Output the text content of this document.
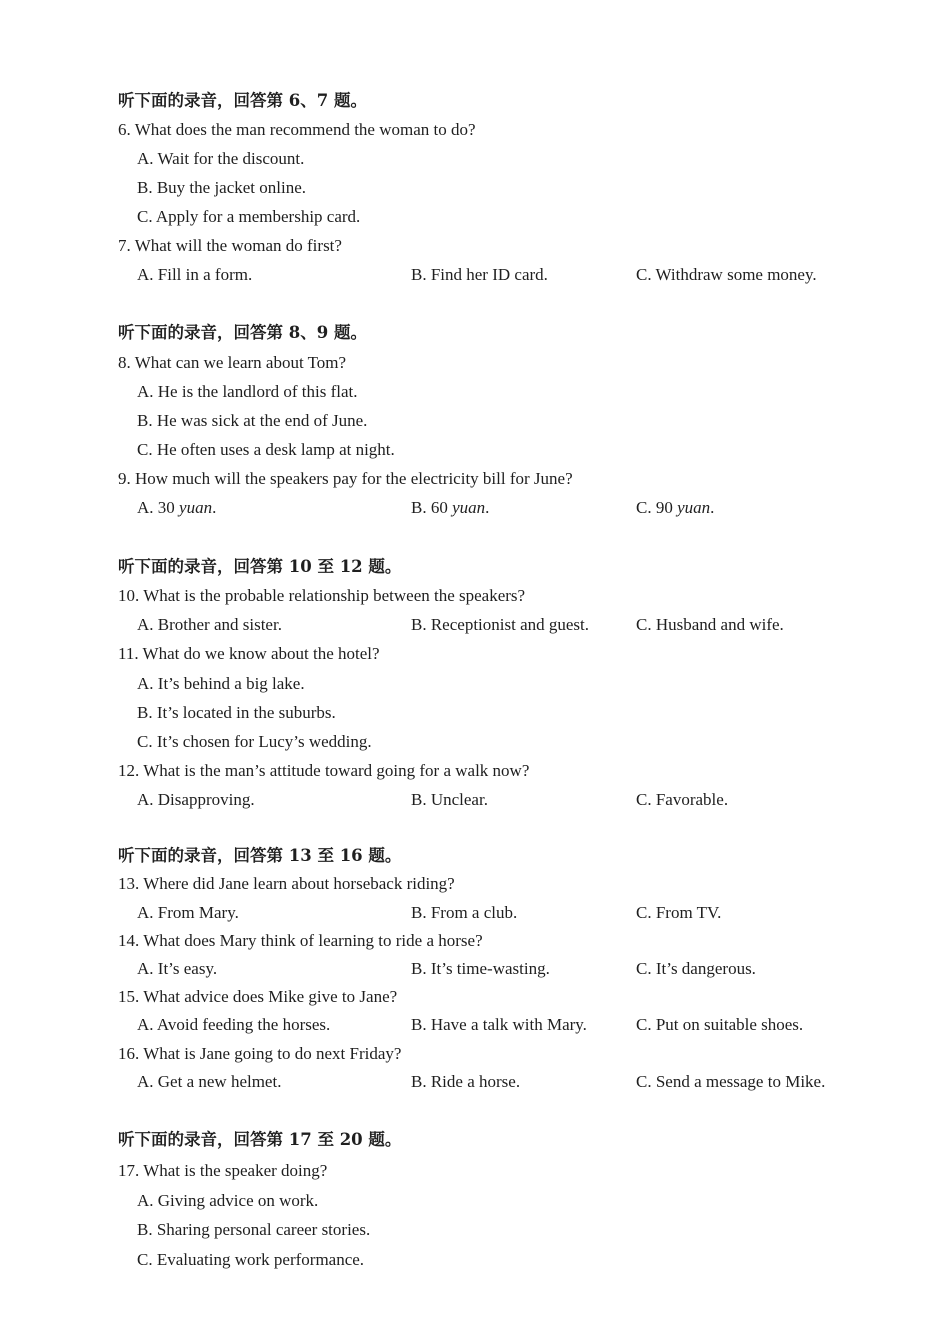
听下面的录音，回答第 6、7 题。
6. What does the man recommend the woman to do?
A. Wait for the discount.
B. Buy the jacket online.
C. Apply for a membership card.
7. What will the woman do first?
A. Fill in a form.	B. Find her ID card.	C. Withdraw some money.
听下面的录音，回答第 8、9 题。
8. What can we learn about Tom?
A. He is the landlord of this flat.
B. He was sick at the end of June.
C. He often uses a desk lamp at night.
9. How much will the speakers pay for the electricity bill for June?
A. 30 yuan.	B. 60 yuan.	C. 90 yuan.
听下面的录音，回答第 10 至 12 题。
10. What is the probable relationship between the speakers?
A. Brother and sister.	B. Receptionist and guest.	C. Husband and wife.
11. What do we know about the hotel?
A. It’s behind a big lake.
B. It’s located in the suburbs.
C. It’s chosen for Lucy’s wedding.
12. What is the man’s attitude toward going for a walk now?
A. Disapproving.	B. Unclear.	C. Favorable.
听下面的录音，回答第 13 至 16 题。
13. Where did Jane learn about horseback riding?
A. From Mary.	B. From a club.	C. From TV.
14. What does Mary think of learning to ride a horse?
A. It’s easy.	B. It’s time-wasting.	C. It’s dangerous.
15. What advice does Mike give to Jane?
A. Avoid feeding the horses.	B. Have a talk with Mary.	C. Put on suitable shoes.
16. What is Jane going to do next Friday?
A. Get a new helmet.	B. Ride a horse.	C. Send a message to Mike.
听下面的录音，回答第 17 至 20 题。
17. What is the speaker doing?
A. Giving advice on work.
B. Sharing personal career stories.
C. Evaluating work performance.
